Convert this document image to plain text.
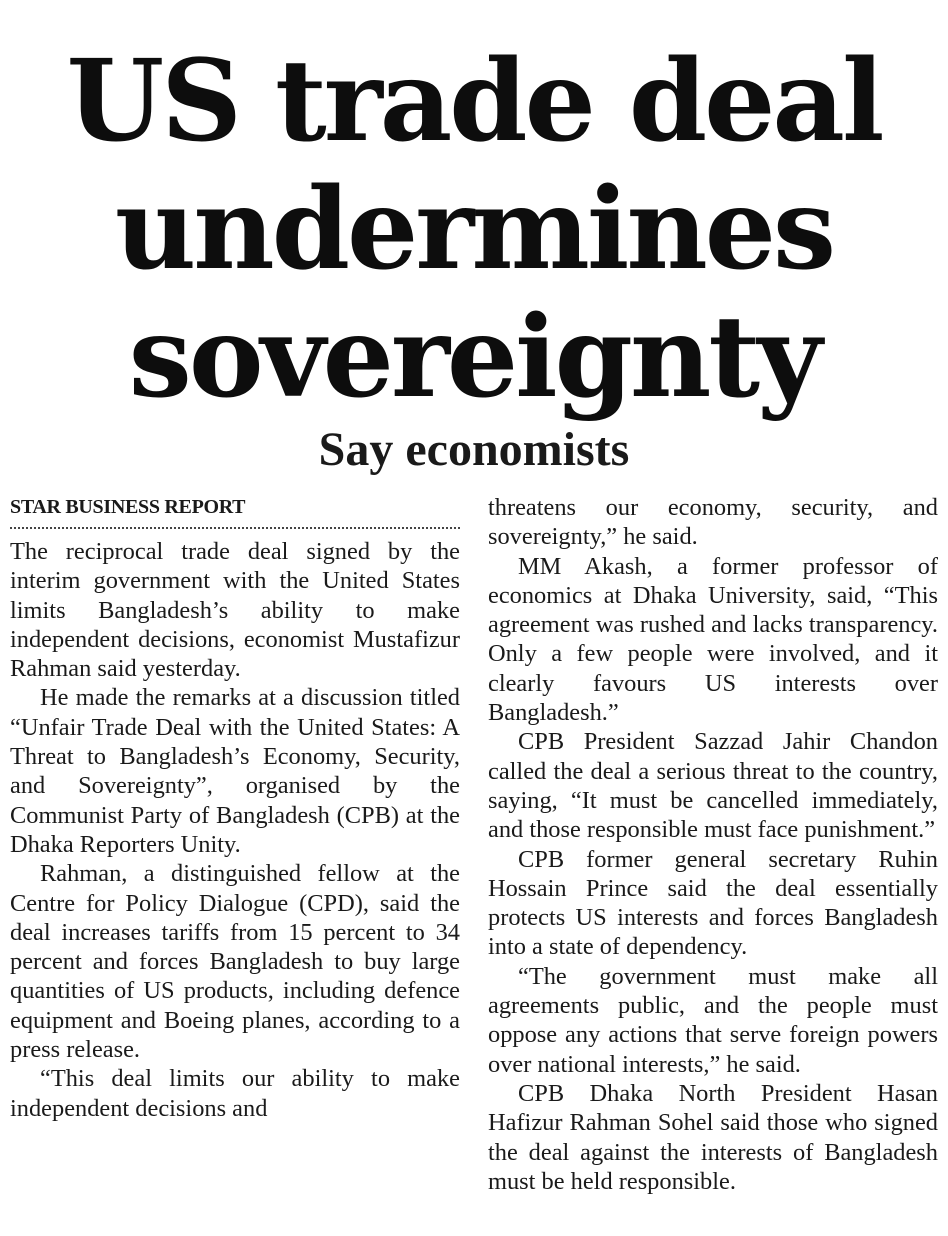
US trade deal
undermines
sovereignty
Say economists
STAR BUSINESS REPORT

The reciprocal trade deal signed by the interim government with the United States limits Bangladesh’s ability to make independent decisions, economist Mustafizur Rahman said yesterday.

He made the remarks at a discussion titled “Unfair Trade Deal with the United States: A Threat to Bangladesh’s Economy, Security, and Sovereignty”, organised by the Communist Party of Bangladesh (CPB) at the Dhaka Reporters Unity.

Rahman, a distinguished fellow at the Centre for Policy Dialogue (CPD), said the deal increases tariffs from 15 percent to 34 percent and forces Bangladesh to buy large quantities of US products, including defence equipment and Boeing planes, according to a press release.

“This deal limits our ability to make independent decisions and

threatens our economy, security, and sovereignty,” he said.

MM Akash, a former professor of economics at Dhaka University, said, “This agreement was rushed and lacks transparency. Only a few people were involved, and it clearly favours US interests over Bangladesh.”

CPB President Sazzad Jahir Chandon called the deal a serious threat to the country, saying, “It must be cancelled immediately, and those responsible must face punishment.”

CPB former general secretary Ruhin Hossain Prince said the deal essentially protects US interests and forces Bangladesh into a state of dependency.

“The government must make all agreements public, and the people must oppose any actions that serve foreign powers over national interests,” he said.

CPB Dhaka North President Hasan Hafizur Rahman Sohel said those who signed the deal against the interests of Bangladesh must be held responsible.
